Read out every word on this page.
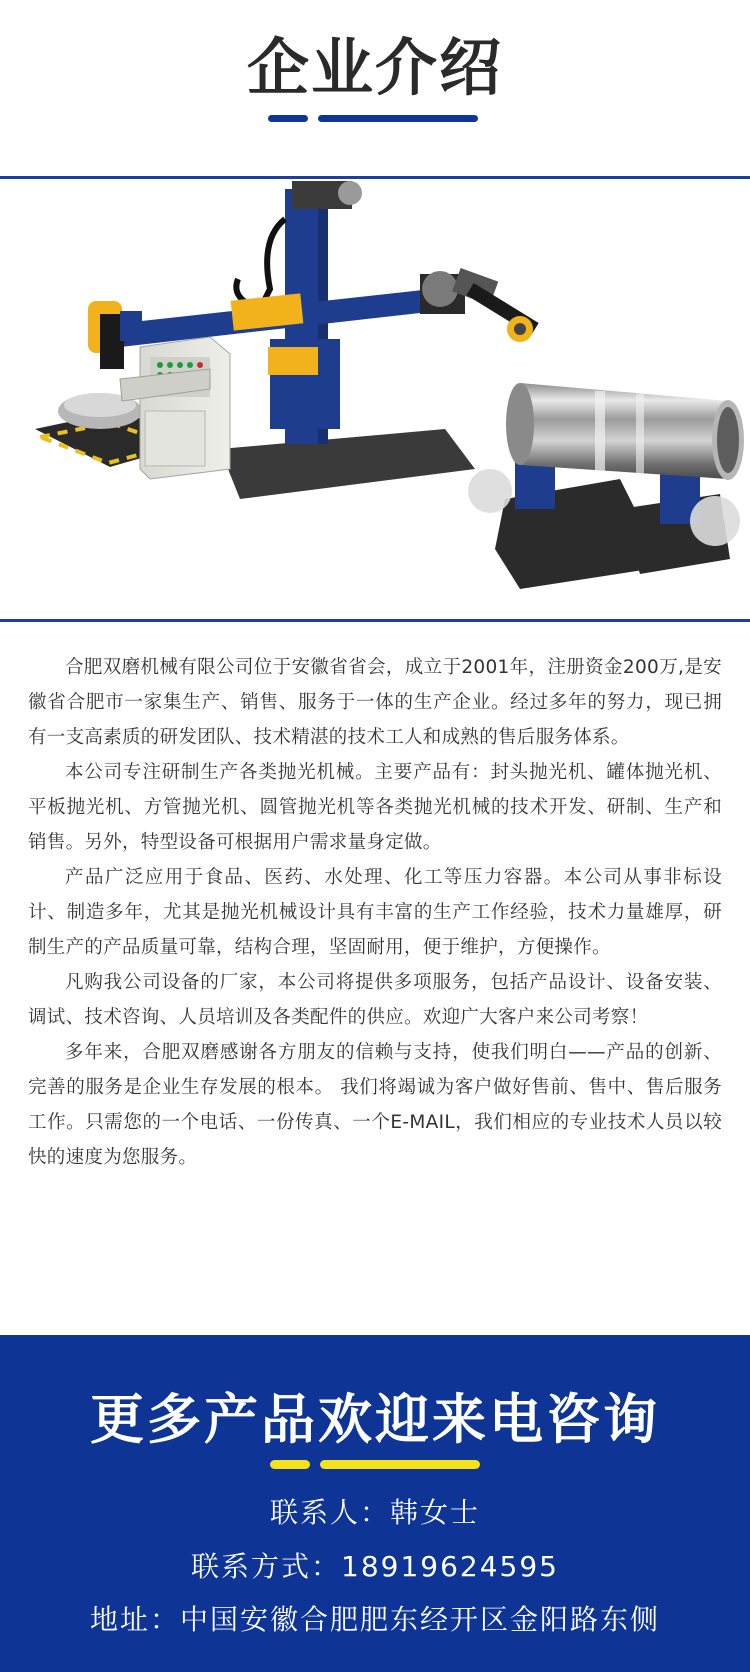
企业介绍

合肥双磨机械有限公司位于安徽省省会，成立于2001年，注册资金200万,是安徽省合肥市一家集生产、销售、服务于一体的生产企业。经过多年的努力，现已拥有一支高素质的研发团队、技术精湛的技术工人和成熟的售后服务体系。

本公司专注研制生产各类抛光机械。主要产品有：封头抛光机、罐体抛光机、平板抛光机、方管抛光机、圆管抛光机等各类抛光机械的技术开发、研制、生产和销售。另外，特型设备可根据用户需求量身定做。

产品广泛应用于食品、医药、水处理、化工等压力容器。本公司从事非标设计、制造多年，尤其是抛光机械设计具有丰富的生产工作经验，技术力量雄厚，研制生产的产品质量可靠，结构合理，坚固耐用，便于维护，方便操作。

凡购我公司设备的厂家，本公司将提供多项服务，包括产品设计、设备安装、调试、技术咨询、人员培训及各类配件的供应。欢迎广大客户来公司考察！

多年来，合肥双磨感谢各方朋友的信赖与支持，使我们明白——产品的创新、完善的服务是企业生存发展的根本。 我们将竭诚为客户做好售前、售中、售后服务工作。只需您的一个电话、一份传真、一个E-MAIL，我们相应的专业技术人员以较快的速度为您服务。

更多产品欢迎来电咨询
联系人：韩女士
联系方式：18919624595
地址：中国安徽合肥肥东经开区金阳路东侧
